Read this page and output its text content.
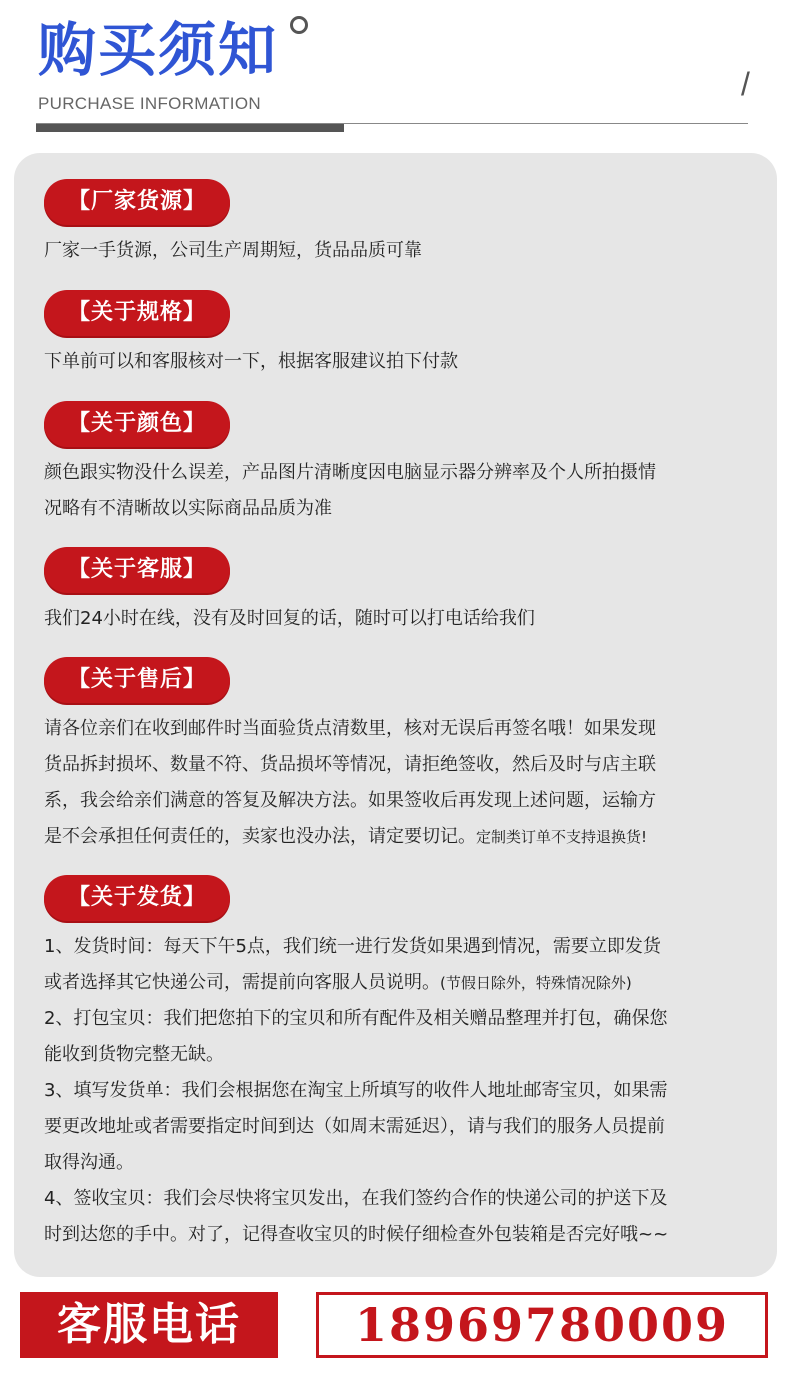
购买须知
PURCHASE INFORMATION
/
【厂家货源】

厂家一手货源，公司生产周期短，货品品质可靠

【关于规格】

下单前可以和客服核对一下，根据客服建议拍下付款

【关于颜色】

颜色跟实物没什么误差，产品图片清晰度因电脑显示器分辨率及个人所拍摄情

况略有不清晰故以实际商品品质为准

【关于客服】

我们24小时在线，没有及时回复的话，随时可以打电话给我们

【关于售后】

请各位亲们在收到邮件时当面验货点清数里，核对无误后再签名哦！如果发现

货品拆封损坏、数量不符、货品损坏等情况，请拒绝签收，然后及时与店主联

系，我会给亲们满意的答复及解决方法。如果签收后再发现上述问题，运输方

是不会承担任何责任的，卖家也没办法，请定要切记。定制类订单不支持退换货!

【关于发货】

1、发货时间：每天下午5点，我们统一进行发货如果遇到情况，需要立即发货

或者选择其它快递公司，需提前向客服人员说明。(节假日除外，特殊情况除外)

2、打包宝贝：我们把您拍下的宝贝和所有配件及相关赠品整理并打包，确保您

能收到货物完整无缺。

3、填写发货单：我们会根据您在淘宝上所填写的收件人地址邮寄宝贝，如果需

要更改地址或者需要指定时间到达（如周末需延迟），请与我们的服务人员提前

取得沟通。

4、签收宝贝：我们会尽快将宝贝发出，在我们签约合作的快递公司的护送下及

时到达您的手中。对了，记得查收宝贝的时候仔细检查外包装箱是否完好哦~~

客服电话	18969780009
